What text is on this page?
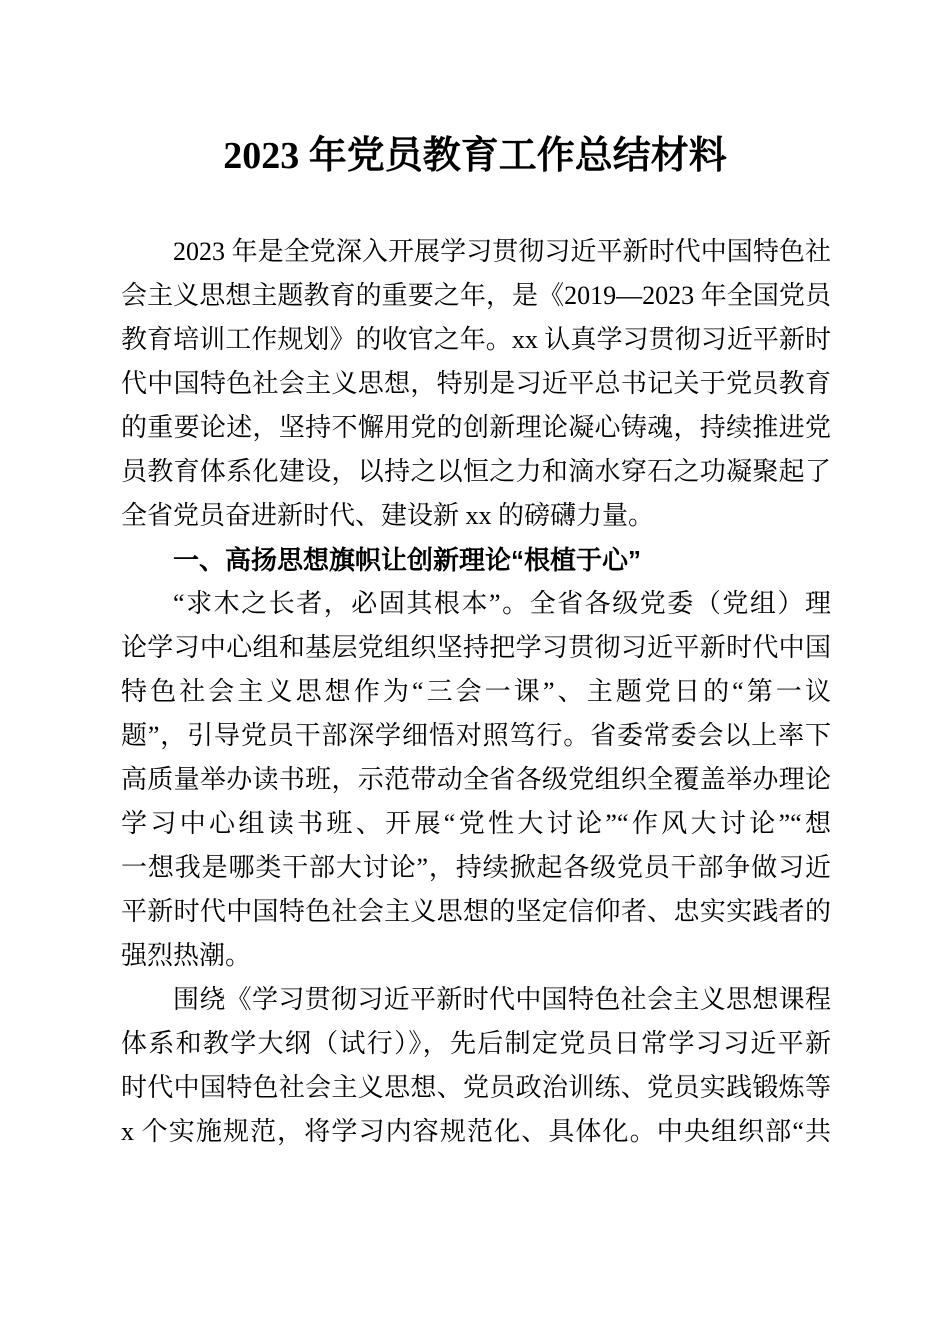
2023 年党员教育工作总结材料
2023 年是全党深入开展学习贯彻习近平新时代中国特色社
会主义思想主题教育的重要之年，是《2019—2023 年全国党员
教育培训工作规划》的收官之年。xx 认真学习贯彻习近平新时
代中国特色社会主义思想，特别是习近平总书记关于党员教育
的重要论述，坚持不懈用党的创新理论凝心铸魂，持续推进党
员教育体系化建设，以持之以恒之力和滴水穿石之功凝聚起了
全省党员奋进新时代、建设新 xx 的磅礴力量。
一、高扬思想旗帜让创新理论“根植于心”
“求木之长者，必固其根本”。全省各级党委（党组）理
论学习中心组和基层党组织坚持把学习贯彻习近平新时代中国
特色社会主义思想作为“三会一课”、主题党日的“第一议
题”，引导党员干部深学细悟对照笃行。省委常委会以上率下
高质量举办读书班，示范带动全省各级党组织全覆盖举办理论
学习中心组读书班、开展“党性大讨论”“作风大讨论”“想
一想我是哪类干部大讨论”，持续掀起各级党员干部争做习近
平新时代中国特色社会主义思想的坚定信仰者、忠实实践者的
强烈热潮。
围绕《学习贯彻习近平新时代中国特色社会主义思想课程
体系和教学大纲（试行）》，先后制定党员日常学习习近平新
时代中国特色社会主义思想、党员政治训练、党员实践锻炼等
x 个实施规范，将学习内容规范化、具体化。中央组织部“共
